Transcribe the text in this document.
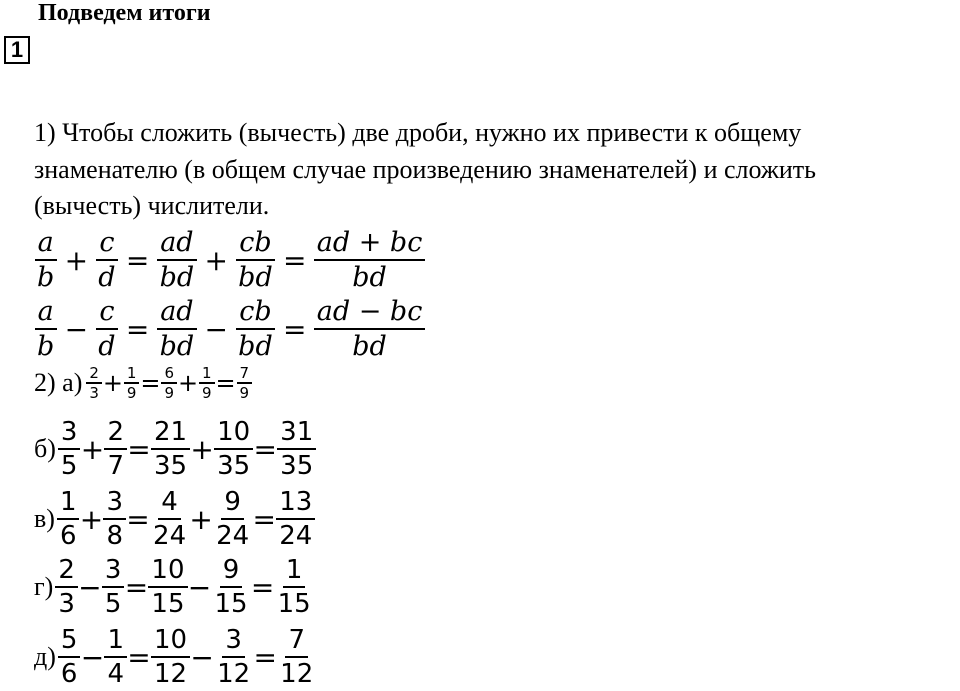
Подведем итоги
1
1) Чтобы сложить (вычесть) две дроби, нужно их привести к общему
знаменателю (в общем случае произведению знаменателей) и сложить
(вычесть) числители.
$\frac{a}{b} + \frac{c}{d} = \frac{ad}{bd} + \frac{cb}{bd} = \frac{ad + bc}{bd}$
$\frac{a}{b} - \frac{c}{d} = \frac{ad}{bd} - \frac{cb}{bd} = \frac{ad - bc}{bd}$
2) $а) \frac{2}{3} + \frac{1}{9} = \frac{6}{9} + \frac{1}{9} = \frac{7}{9}$
$б) \frac{3}{5} + \frac{2}{7} = \frac{21}{35} + \frac{10}{35} = \frac{31}{35}$
$в) \frac{1}{6} + \frac{3}{8} = \frac{4}{24} + \frac{9}{24} = \frac{13}{24}$
$г) \frac{2}{3} - \frac{3}{5} = \frac{10}{15} - \frac{9}{15} = \frac{1}{15}$
$д) \frac{5}{6} - \frac{1}{4} = \frac{10}{12} - \frac{3}{12} = \frac{7}{12}$
